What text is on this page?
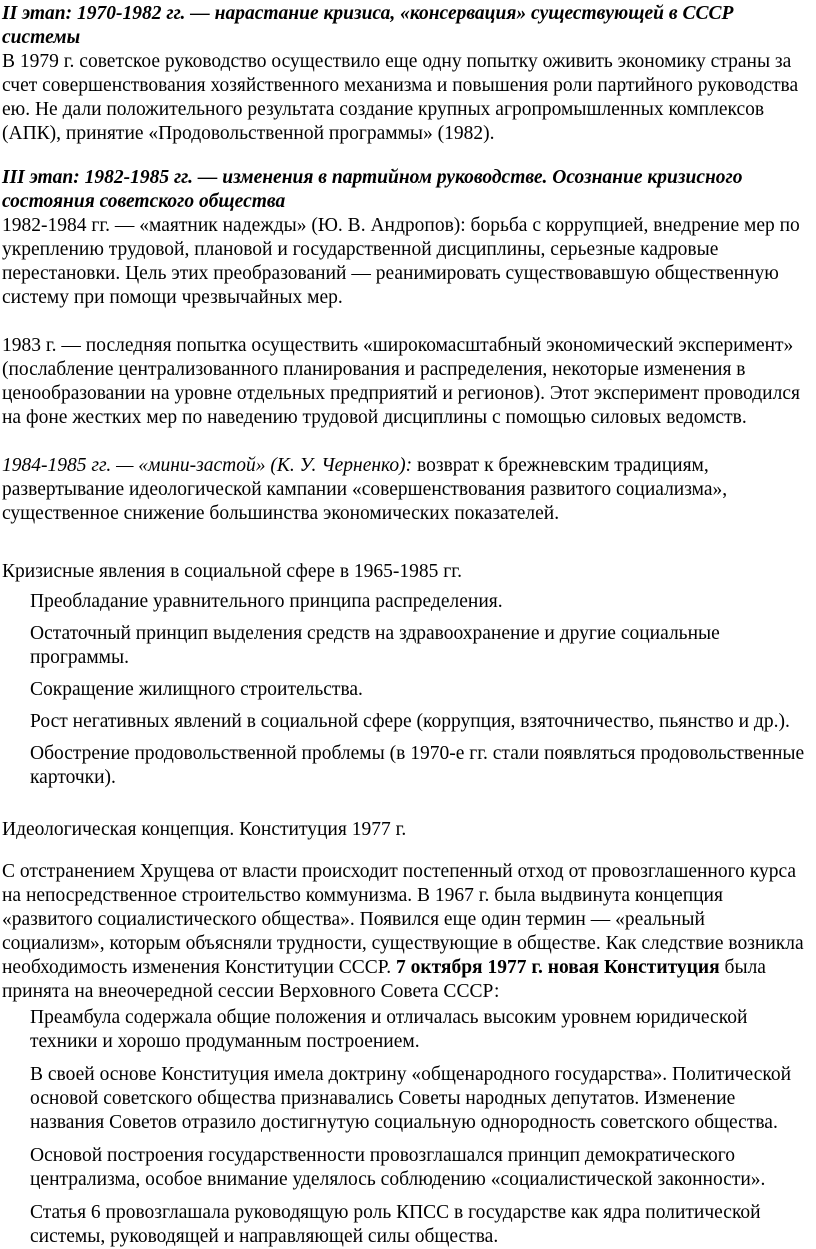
II этап: 1970-1982 гг. — нарастание кризиса, «консервация» существующей в СССР системы

В 1979 г. советское руководство осуществило еще одну попытку оживить экономику страны за счет совершенствования хозяйственного механизма и повышения роли партийного руководства ею. Не дали положительного результата создание крупных агропромышленных комплексов (АПК), принятие «Продовольственной программы» (1982).

III этап: 1982-1985 гг. — изменения в партийном руководстве. Осознание кризисного состояния советского общества

1982-1984 гг. — «маятник надежды» (Ю. В. Андропов): борьба с коррупцией, внедрение мер по укреплению трудовой, плановой и государственной дисциплины, серьезные кадровые перестановки. Цель этих преобразований — реанимировать существовавшую общественную систему при помощи чрезвычайных мер.

1983 г. — последняя попытка осуществить «широкомасштабный экономический эксперимент» (послабление централизованного планирования и распределения, некоторые изменения в ценообразовании на уровне отдельных предприятий и регионов). Этот эксперимент проводился на фоне жестких мер по наведению трудовой дисциплины с помощью силовых ведомств.

1984-1985 гг. — «мини-застой» (К. У. Черненко): возврат к брежневским традициям, развертывание идеологической кампании «совершенствования развитого социализма», существенное снижение большинства экономических показателей.

Кризисные явления в социальной сфере в 1965-1985 гг.

Преобладание уравнительного принципа распределения.
Остаточный принцип выделения средств на здравоохранение и другие социальные программы.
Сокращение жилищного строительства.
Рост негативных явлений в социальной сфере (коррупция, взяточничество, пьянство и др.).
Обострение продовольственной проблемы (в 1970-е гг. стали появляться продовольственные карточки).

Идеологическая концепция. Конституция 1977 г.

С отстранением Хрущева от власти происходит постепенный отход от провозглашенного курса на непосредственное строительство коммунизма. В 1967 г. была выдвинута концепция «развитого социалистического общества». Появился еще один термин — «реальный социализм», которым объясняли трудности, существующие в обществе. Как следствие возникла необходимость изменения Конституции СССР. 7 октября 1977 г. новая Конституция была принята на внеочередной сессии Верховного Совета СССР:

Преамбула содержала общие положения и отличалась высоким уровнем юридической техники и хорошо продуманным построением.
В своей основе Конституция имела доктрину «общенародного государства». Политической основой советского общества признавались Советы народных депутатов. Изменение названия Советов отразило достигнутую социальную однородность советского общества.
Основой построения государственности провозглашался принцип демократического централизма, особое внимание уделялось соблюдению «социалистической законности».
Статья 6 провозглашала руководящую роль КПСС в государстве как ядра политической системы, руководящей и направляющей силы общества.
